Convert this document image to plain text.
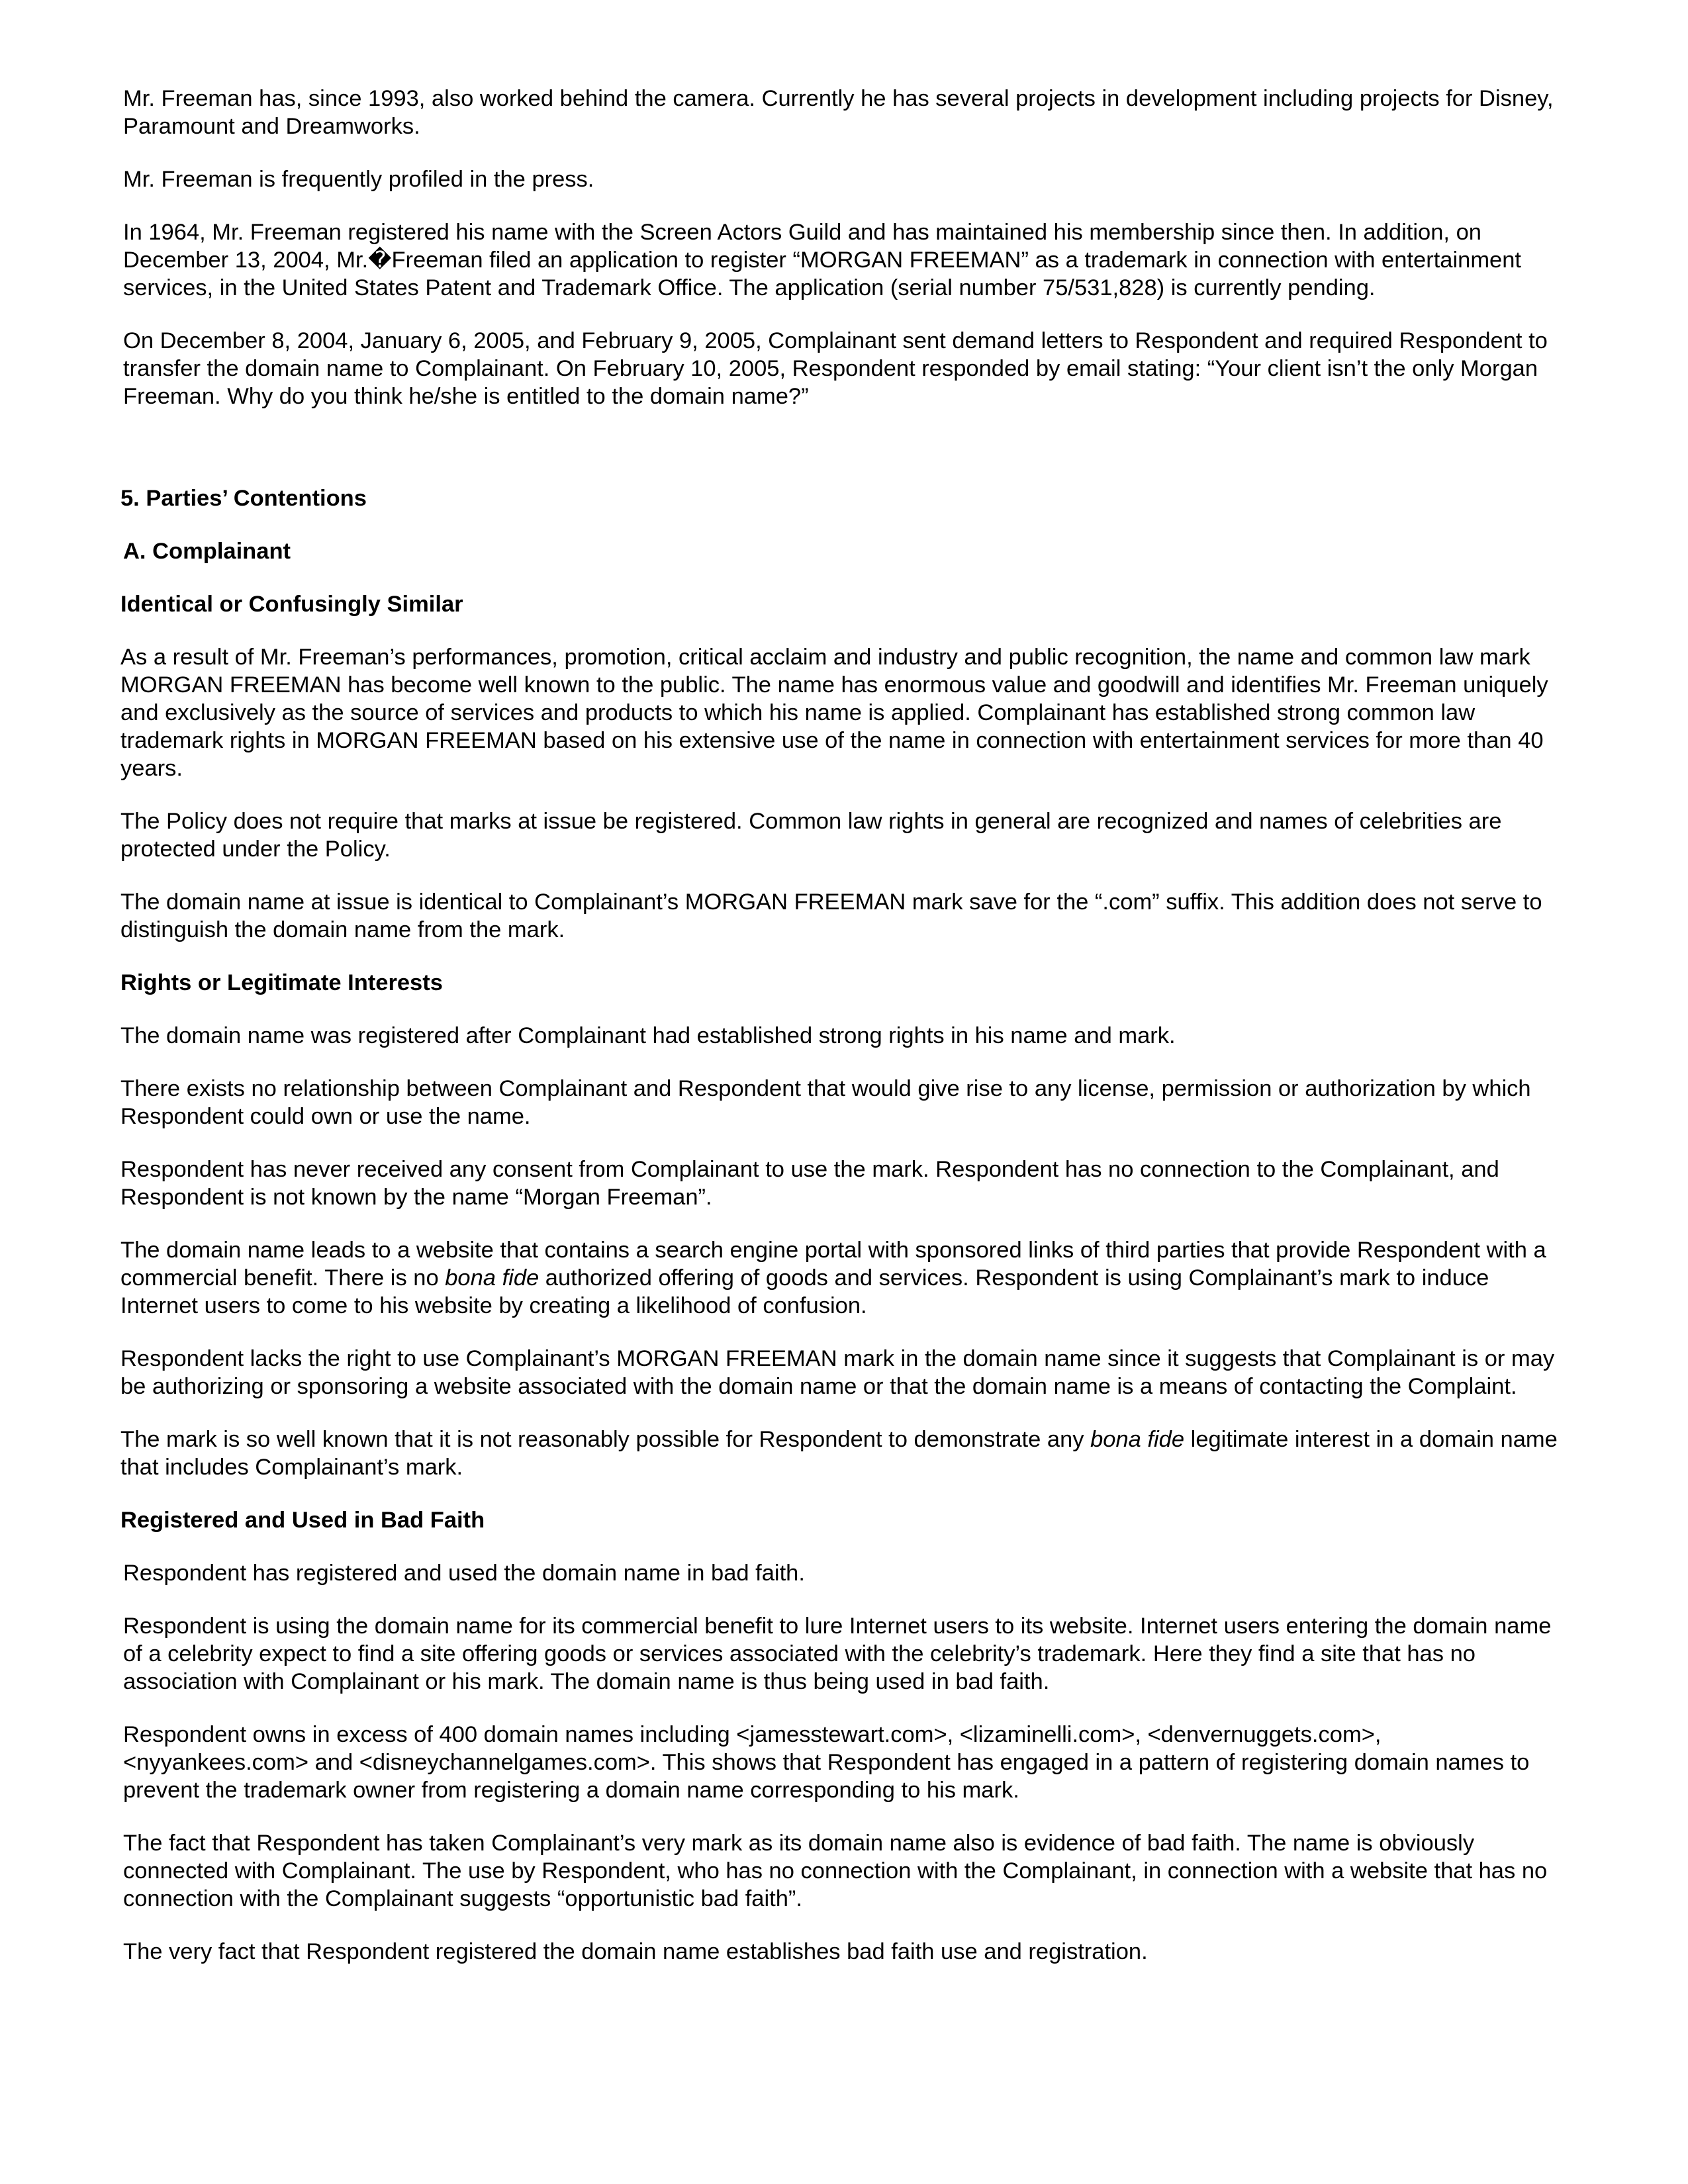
Mr. Freeman has, since 1993, also worked behind the camera. Currently he has several projects in development including projects for Disney, Paramount and Dreamworks.

Mr. Freeman is frequently profiled in the press.

In 1964, Mr. Freeman registered his name with the Screen Actors Guild and has maintained his membership since then. In addition, on December 13, 2004, Mr.�Freeman filed an application to register “MORGAN FREEMAN” as a trademark in connection with entertainment services, in the United States Patent and Trademark Office. The application (serial number 75/531,828) is currently pending.

On December 8, 2004, January 6, 2005, and February 9, 2005, Complainant sent demand letters to Respondent and required Respondent to transfer the domain name to Complainant. On February 10, 2005, Respondent responded by email stating: “Your client isn’t the only Morgan Freeman. Why do you think he/she is entitled to the domain name?”

5. Parties’ Contentions
A. Complainant
Identical or Confusingly Similar

As a result of Mr. Freeman’s performances, promotion, critical acclaim and industry and public recognition, the name and common law mark MORGAN FREEMAN has become well known to the public. The name has enormous value and goodwill and identifies Mr. Freeman uniquely and exclusively as the source of services and products to which his name is applied. Complainant has established strong common law trademark rights in MORGAN FREEMAN based on his extensive use of the name in connection with entertainment services for more than 40 years.

The Policy does not require that marks at issue be registered. Common law rights in general are recognized and names of celebrities are protected under the Policy.

The domain name at issue is identical to Complainant’s MORGAN FREEMAN mark save for the “.com” suffix. This addition does not serve to distinguish the domain name from the mark.

Rights or Legitimate Interests

The domain name was registered after Complainant had established strong rights in his name and mark.

There exists no relationship between Complainant and Respondent that would give rise to any license, permission or authorization by which Respondent could own or use the name.

Respondent has never received any consent from Complainant to use the mark. Respondent has no connection to the Complainant, and Respondent is not known by the name “Morgan Freeman”.

The domain name leads to a website that contains a search engine portal with sponsored links of third parties that provide Respondent with a commercial benefit. There is no bona fide authorized offering of goods and services. Respondent is using Complainant’s mark to induce Internet users to come to his website by creating a likelihood of confusion.

Respondent lacks the right to use Complainant’s MORGAN FREEMAN mark in the domain name since it suggests that Complainant is or may be authorizing or sponsoring a website associated with the domain name or that the domain name is a means of contacting the Complaint.

The mark is so well known that it is not reasonably possible for Respondent to demonstrate any bona fide legitimate interest in a domain name that includes Complainant’s mark.

Registered and Used in Bad Faith

Respondent has registered and used the domain name in bad faith.

Respondent is using the domain name for its commercial benefit to lure Internet users to its website. Internet users entering the domain name of a celebrity expect to find a site offering goods or services associated with the celebrity’s trademark. Here they find a site that has no association with Complainant or his mark. The domain name is thus being used in bad faith.

Respondent owns in excess of 400 domain names including <jamesstewart.com>, <lizaminelli.com>, <denvernuggets.com>, <nyyankees.com> and <disneychannelgames.com>. This shows that Respondent has engaged in a pattern of registering domain names to prevent the trademark owner from registering a domain name corresponding to his mark.

The fact that Respondent has taken Complainant’s very mark as its domain name also is evidence of bad faith. The name is obviously connected with Complainant. The use by Respondent, who has no connection with the Complainant, in connection with a website that has no connection with the Complainant suggests “opportunistic bad faith”.

The very fact that Respondent registered the domain name establishes bad faith use and registration.
